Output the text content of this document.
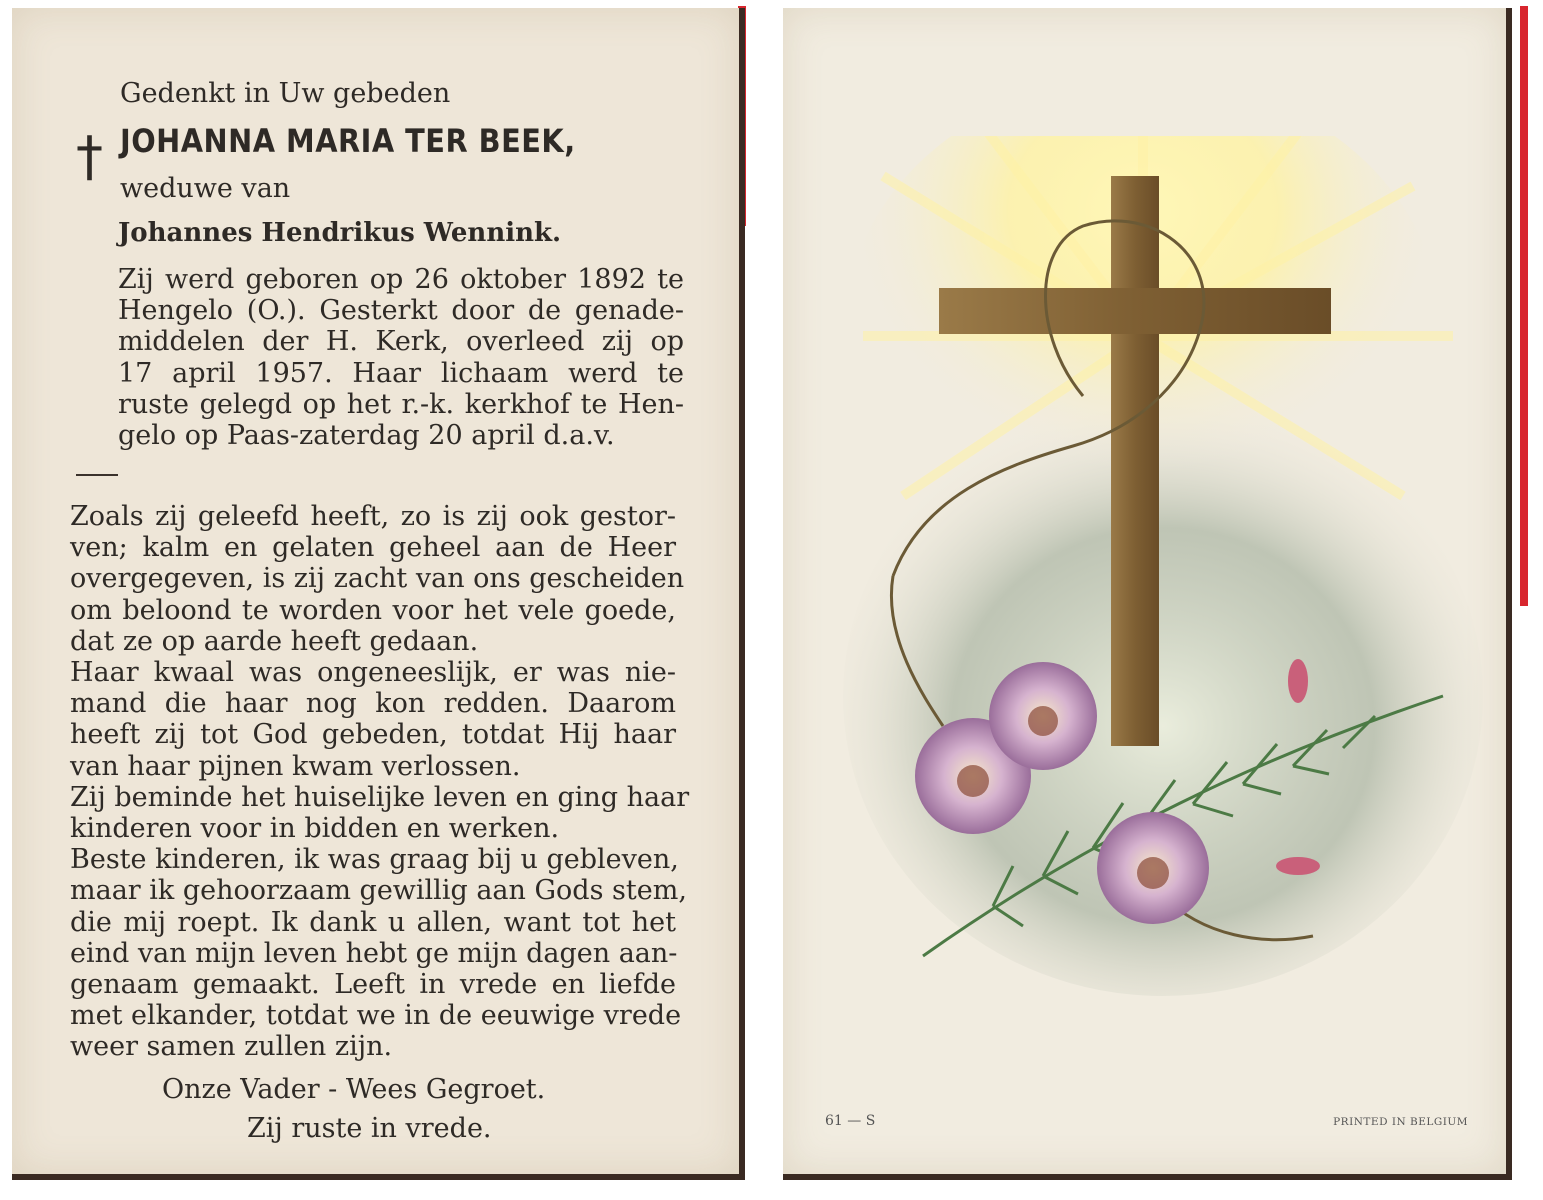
Gedenkt in Uw gebeden
† JOHANNA MARIA TER BEEK,
weduwe van
Johannes Hendrikus Wennink.
Zij werd geboren op 26 oktober 1892 te
Hengelo (O.). Gesterkt door de genade-
middelen der H. Kerk, overleed zij op
17 april 1957. Haar lichaam werd te
ruste gelegd op het r.-k. kerkhof te Hen-
gelo op Paas-zaterdag 20 april d.a.v.
Zoals zij geleefd heeft, zo is zij ook gestor-
ven; kalm en gelaten geheel aan de Heer
overgegeven, is zij zacht van ons gescheiden
om beloond te worden voor het vele goede,
dat ze op aarde heeft gedaan.
Haar kwaal was ongeneeslijk, er was nie-
mand die haar nog kon redden. Daarom
heeft zij tot God gebeden, totdat Hij haar
van haar pijnen kwam verlossen.
Zij beminde het huiselijke leven en ging haar
kinderen voor in bidden en werken.
Beste kinderen, ik was graag bij u gebleven,
maar ik gehoorzaam gewillig aan Gods stem,
die mij roept. Ik dank u allen, want tot het
eind van mijn leven hebt ge mijn dagen aan-
genaam gemaakt. Leeft in vrede en liefde
met elkander, totdat we in de eeuwige vrede
weer samen zullen zijn.
Onze Vader - Wees Gegroet.
Zij ruste in vrede.	61 — S	PRINTED IN BELGIUM
